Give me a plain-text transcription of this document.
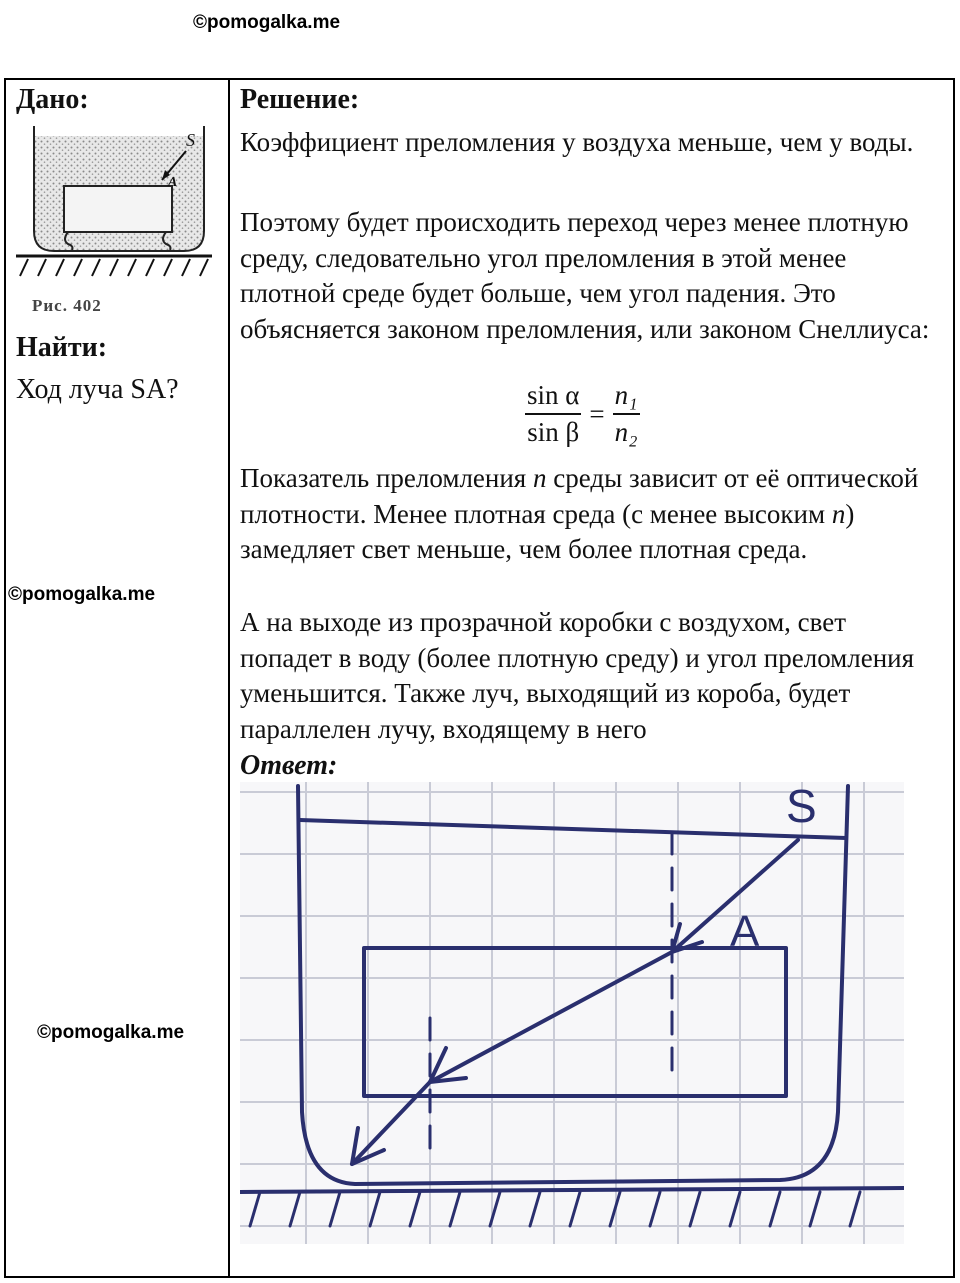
©pomogalka.me
Дано:
S
A
Рис. 402
Найти:
Ход луча SA?
Решение:
Коэффициент преломления у воздуха меньше, чем у воды.
Поэтому будет происходить переход через менее плотную среду, следовательно угол преломления в этой менее плотной среде будет больше, чем угол падения. Это объясняется законом преломления, или законом Снеллиуса:
$\frac{\text{sin α}}{\text{sin β}} = \frac{\text{n₁}}{\text{n₂}}$
Показатель преломления n среды зависит от её оптической плотности. Менее плотная среда (с менее высоким n) замедляет свет меньше, чем более плотная среда.
А на выходе из прозрачной коробки с воздухом, свет попадет в воду (более плотную среду) и угол преломления уменьшится. Также луч, выходящий из короба, будет параллелен лучу, входящему в него
Ответ:
S
A
©pomogalka.me
©pomogalka.me
